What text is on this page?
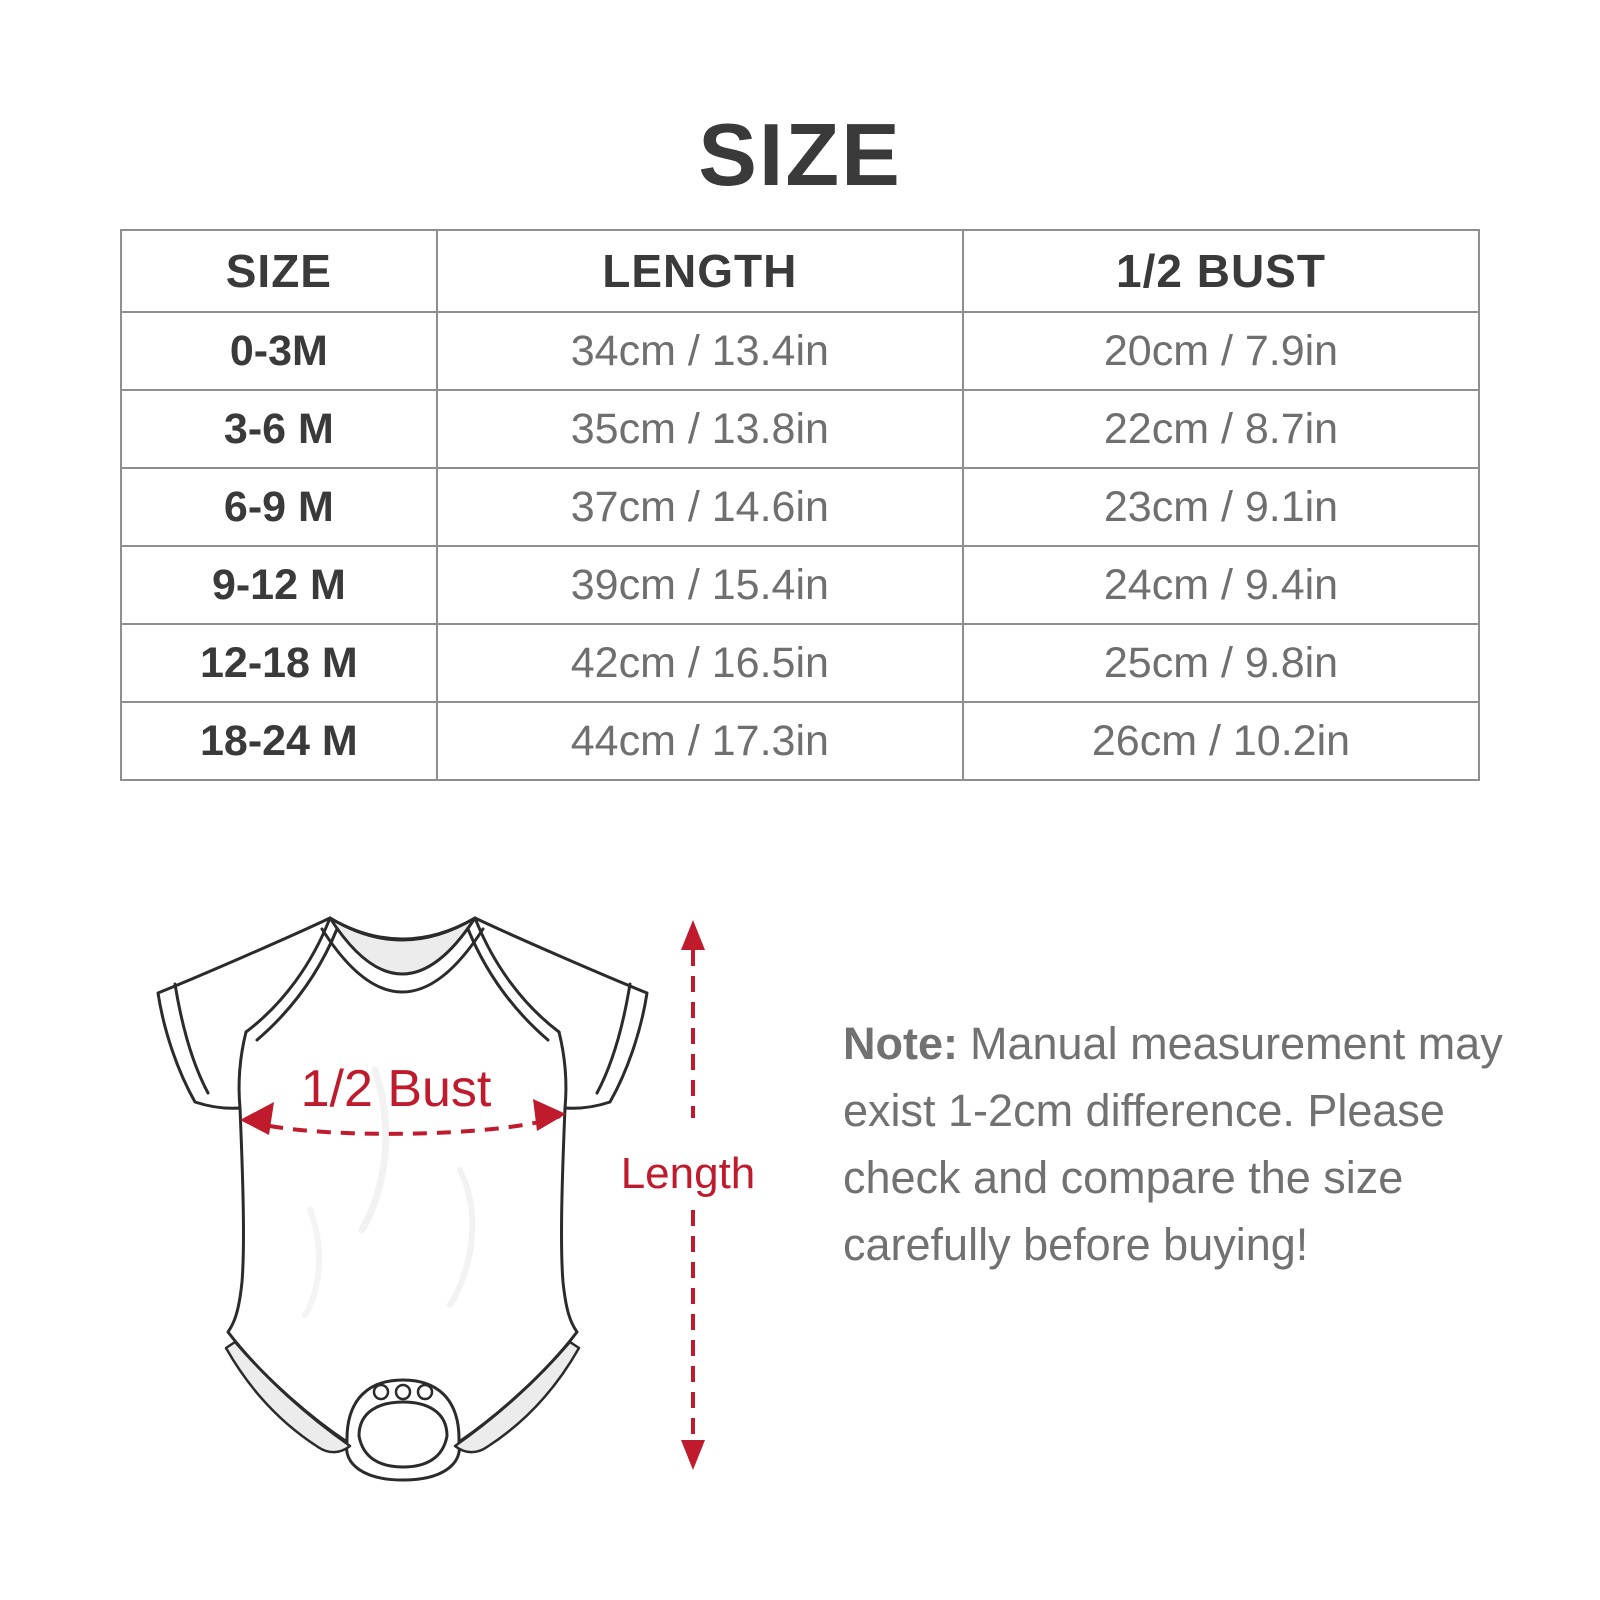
SIZE
SIZE	LENGTH	1/2 BUST
0-3M	34cm / 13.4in	20cm / 7.9in
3-6 M	35cm / 13.8in	22cm / 8.7in
6-9 M	37cm / 14.6in	23cm / 9.1in
9-12 M	39cm / 15.4in	24cm / 9.4in
12-18 M	42cm / 16.5in	25cm / 9.8in
18-24 M	44cm / 17.3in	26cm / 10.2in
1/2 Bust
Length
Note: Manual measurement may
exist 1-2cm difference. Please
check and compare the size
carefully before buying!
